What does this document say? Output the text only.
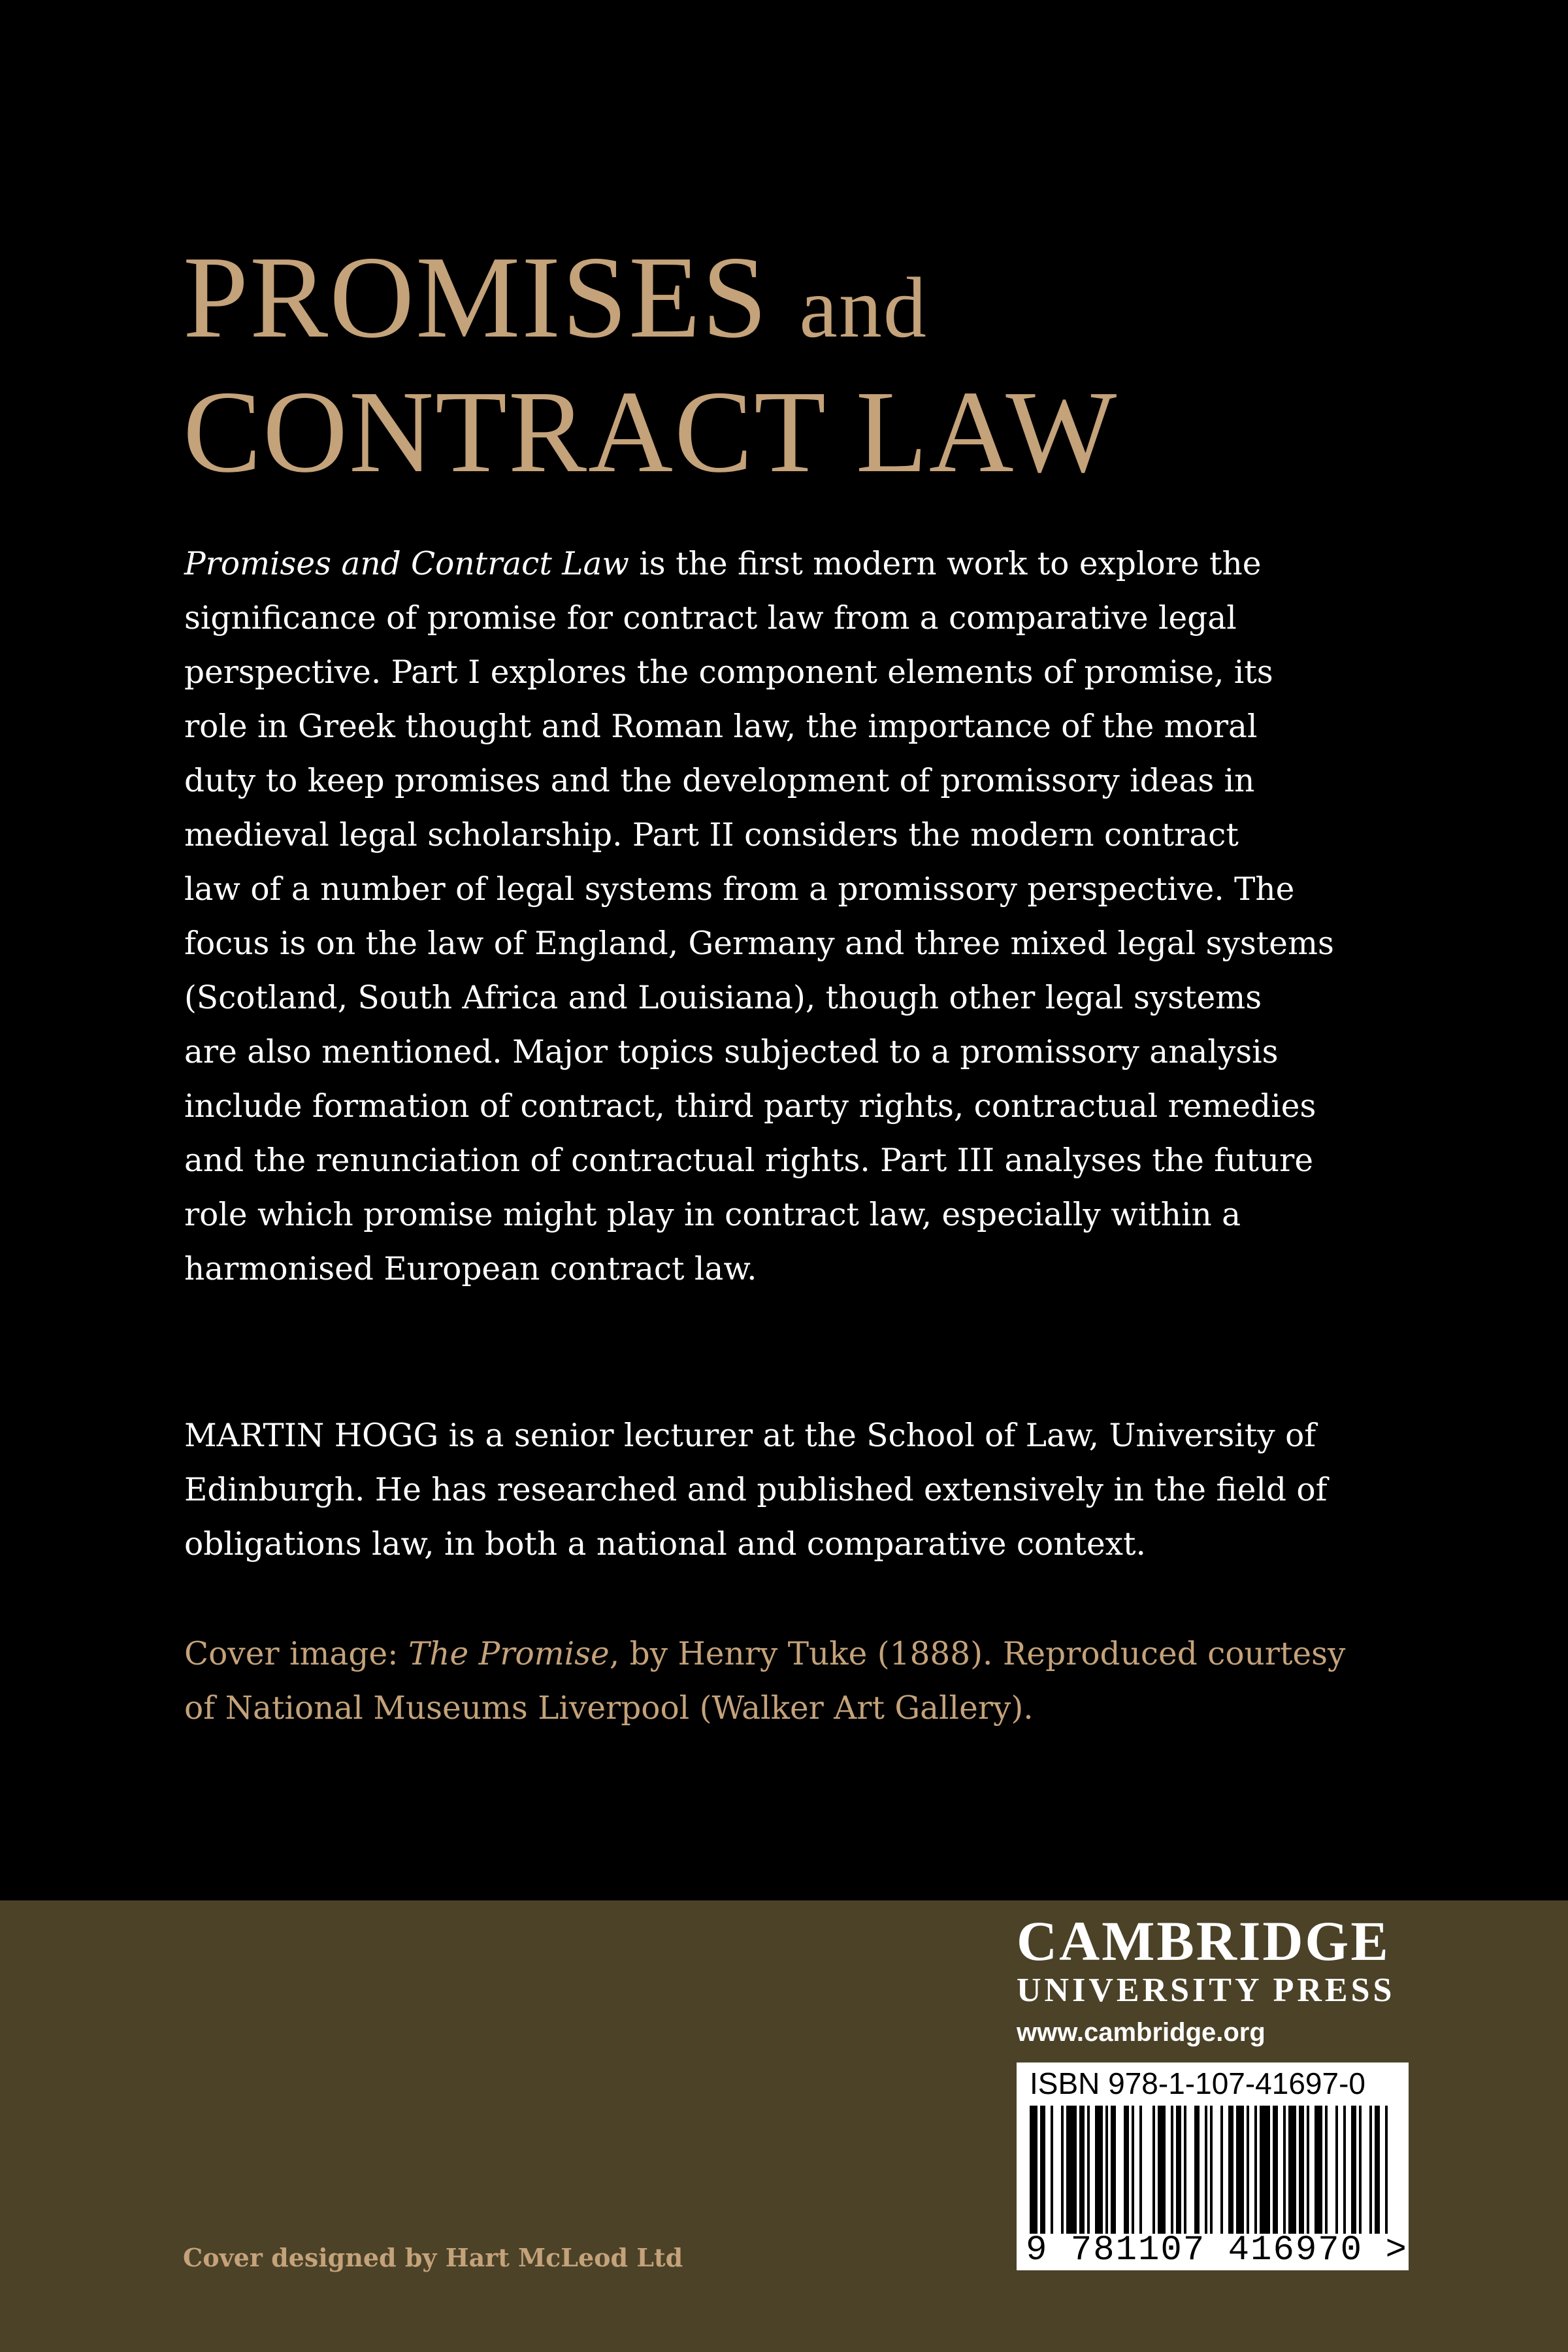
PROMISES and
CONTRACT LAW
Promises and Contract Law is the first modern work to explore the
significance of promise for contract law from a comparative legal
perspective. Part I explores the component elements of promise, its
role in Greek thought and Roman law, the importance of the moral
duty to keep promises and the development of promissory ideas in
medieval legal scholarship. Part II considers the modern contract
law of a number of legal systems from a promissory perspective. The
focus is on the law of England, Germany and three mixed legal systems
(Scotland, South Africa and Louisiana), though other legal systems
are also mentioned. Major topics subjected to a promissory analysis
include formation of contract, third party rights, contractual remedies
and the renunciation of contractual rights. Part III analyses the future
role which promise might play in contract law, especially within a
harmonised European contract law.
MARTIN HOGG is a senior lecturer at the School of Law, University of
Edinburgh. He has researched and published extensively in the field of
obligations law, in both a national and comparative context.
Cover image: The Promise, by Henry Tuke (1888). Reproduced courtesy
of National Museums Liverpool (Walker Art Gallery).
Cover designed by Hart McLeod Ltd
CAMBRIDGE
UNIVERSITY PRESS
www.cambridge.org
ISBN 978-1-107-41697-0
9 781107 416970 >
